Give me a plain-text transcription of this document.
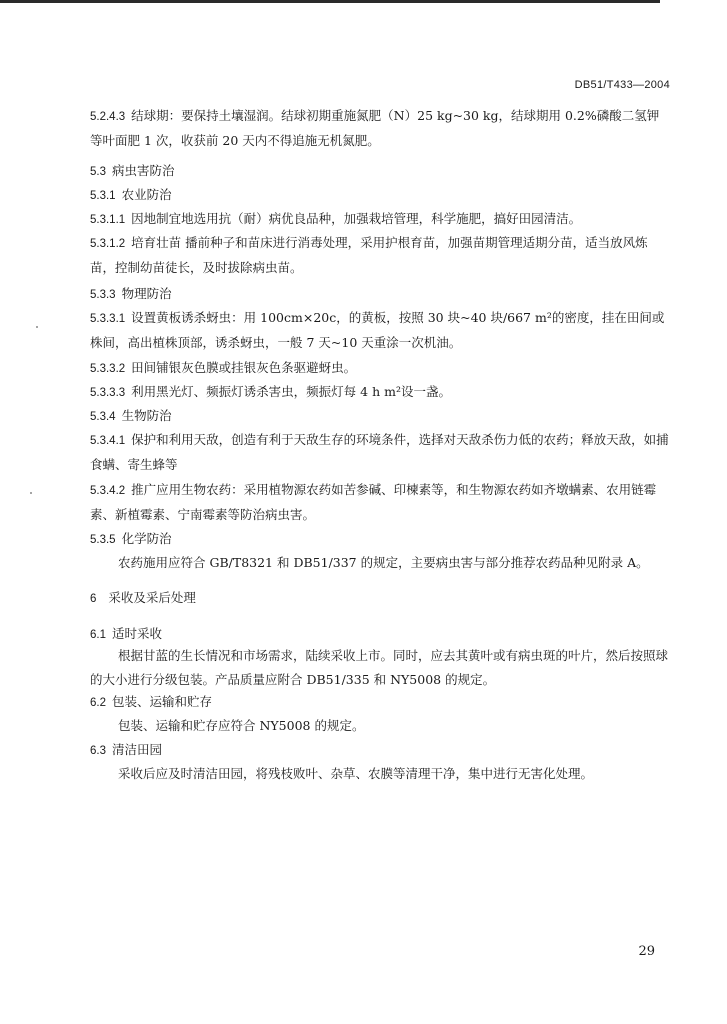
DB51/T433—2004

5.2.4.3 结球期：要保持土壤湿润。结球初期重施氮肥（N）25 kg~30 kg，结球期用 0.2%磷酸二氢钾等叶面肥 1 次，收获前 20 天内不得追施无机氮肥。

5.3 病虫害防治

5.3.1 农业防治

5.3.1.1 因地制宜地选用抗（耐）病优良品种，加强栽培管理，科学施肥，搞好田园清洁。

5.3.1.2 培育壮苗 播前种子和苗床进行消毒处理，采用护根育苗，加强苗期管理适期分苗，适当放风炼苗，控制幼苗徒长，及时拔除病虫苗。

5.3.3 物理防治

5.3.3.1 设置黄板诱杀蚜虫：用 100cm×20c，的黄板，按照 30 块~40 块/667 m²的密度，挂在田间或株间，高出植株顶部，诱杀蚜虫，一般 7 天~10 天重涂一次机油。

5.3.3.2 田间铺银灰色膜或挂银灰色条驱避蚜虫。

5.3.3.3 利用黑光灯、频振灯诱杀害虫，频振灯每 4 h m²设一盏。

5.3.4 生物防治

5.3.4.1 保护和利用天敌，创造有利于天敌生存的环境条件，选择对天敌杀伤力低的农药；释放天敌，如捕食螨、寄生蜂等

5.3.4.2 推广应用生物农药：采用植物源农药如苦参碱、印楝素等，和生物源农药如齐墩螨素、农用链霉素、新植霉素、宁南霉素等防治病虫害。

5.3.5 化学防治

农药施用应符合 GB/T8321 和 DB51/337 的规定，主要病虫害与部分推荐农药品种见附录 A。

6 采收及采后处理

6.1 适时采收

根据甘蓝的生长情况和市场需求，陆续采收上市。同时，应去其黄叶或有病虫斑的叶片，然后按照球的大小进行分级包装。产品质量应附合 DB51/335 和 NY5008 的规定。

6.2 包装、运输和贮存

包装、运输和贮存应符合 NY5008 的规定。

6.3 清洁田园

采收后应及时清洁田园，将残枝败叶、杂草、农膜等清理干净，集中进行无害化处理。

29
